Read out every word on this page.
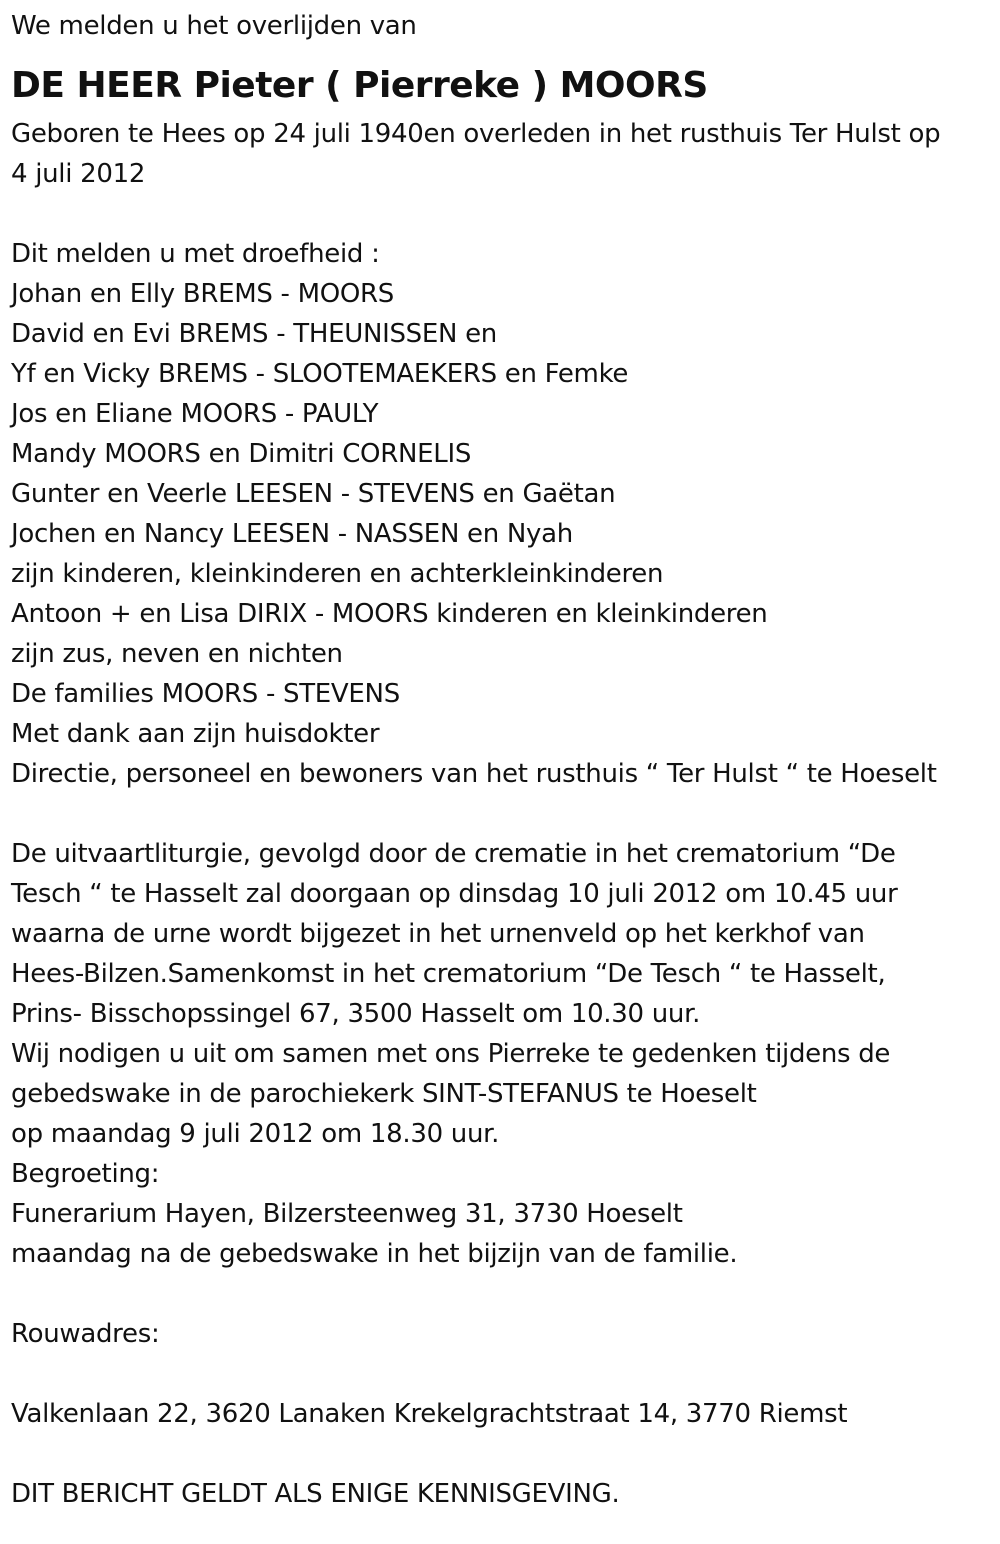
We melden u het overlijden van
DE HEER Pieter ( Pierreke ) MOORS
Geboren te Hees op 24 juli 1940en overleden in het rusthuis Ter Hulst op
4 juli 2012
Dit melden u met droefheid :
Johan en Elly BREMS - MOORS
David en Evi BREMS - THEUNISSEN en
Yf en Vicky BREMS - SLOOTEMAEKERS en Femke
Jos en Eliane MOORS - PAULY
Mandy MOORS en Dimitri CORNELIS
Gunter en Veerle LEESEN - STEVENS en Gaëtan
Jochen en Nancy LEESEN - NASSEN en Nyah
zijn kinderen, kleinkinderen en achterkleinkinderen
Antoon + en Lisa DIRIX - MOORS kinderen en kleinkinderen
zijn zus, neven en nichten
De families MOORS - STEVENS
Met dank aan zijn huisdokter
Directie, personeel en bewoners van het rusthuis “ Ter Hulst “ te Hoeselt
De uitvaartliturgie, gevolgd door de crematie in het crematorium “De
Tesch “ te Hasselt zal doorgaan op dinsdag 10 juli 2012 om 10.45 uur
waarna de urne wordt bijgezet in het urnenveld op het kerkhof van
Hees-Bilzen.Samenkomst in het crematorium “De Tesch “ te Hasselt,
Prins- Bisschopssingel 67, 3500 Hasselt om 10.30 uur.
Wij nodigen u uit om samen met ons Pierreke te gedenken tijdens de
gebedswake in de parochiekerk SINT-STEFANUS te Hoeselt
op maandag 9 juli 2012 om 18.30 uur.
Begroeting:
Funerarium Hayen, Bilzersteenweg 31, 3730 Hoeselt
maandag na de gebedswake in het bijzijn van de familie.
Rouwadres:
Valkenlaan 22, 3620 Lanaken Krekelgrachtstraat 14, 3770 Riemst
DIT BERICHT GELDT ALS ENIGE KENNISGEVING.
